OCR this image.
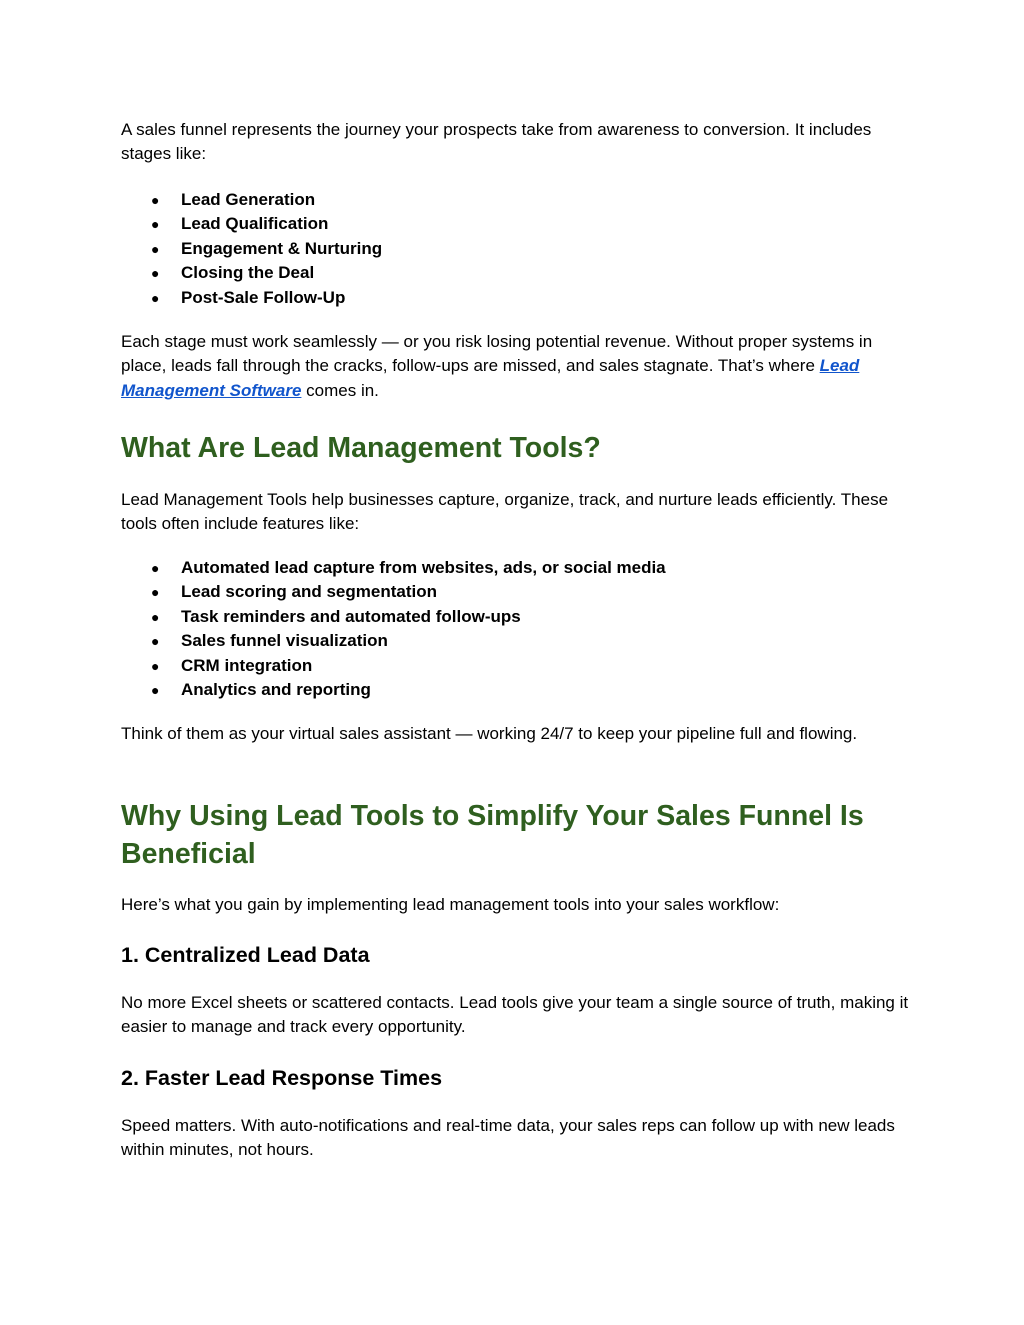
A sales funnel represents the journey your prospects take from awareness to conversion. It includes stages like:

● Lead Generation
● Lead Qualification
● Engagement & Nurturing
● Closing the Deal
● Post-Sale Follow-Up

Each stage must work seamlessly — or you risk losing potential revenue. Without proper systems in place, leads fall through the cracks, follow-ups are missed, and sales stagnate. That’s where Lead Management Software comes in.

What Are Lead Management Tools?

Lead Management Tools help businesses capture, organize, track, and nurture leads efficiently. These tools often include features like:

● Automated lead capture from websites, ads, or social media
● Lead scoring and segmentation
● Task reminders and automated follow-ups
● Sales funnel visualization
● CRM integration
● Analytics and reporting

Think of them as your virtual sales assistant — working 24/7 to keep your pipeline full and flowing.

Why Using Lead Tools to Simplify Your Sales Funnel Is Beneficial

Here’s what you gain by implementing lead management tools into your sales workflow:

1. Centralized Lead Data

No more Excel sheets or scattered contacts. Lead tools give your team a single source of truth, making it easier to manage and track every opportunity.

2. Faster Lead Response Times

Speed matters. With auto-notifications and real-time data, your sales reps can follow up with new leads within minutes, not hours.
